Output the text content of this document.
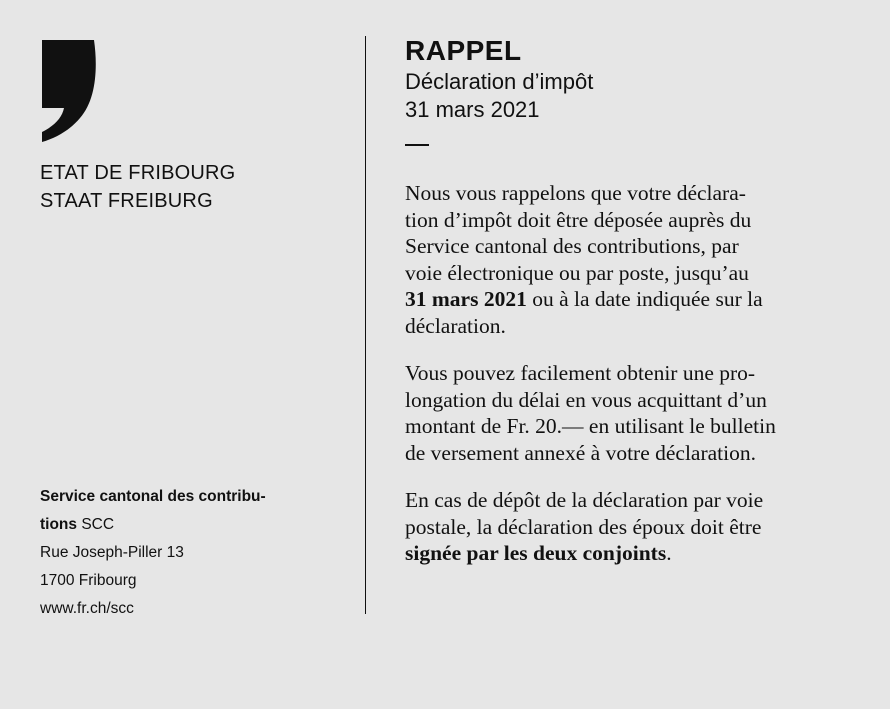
ETAT DE FRIBOURG
STAAT FREIBURG
Service cantonal des contribu-
tions SCC
Rue Joseph-Piller 13
1700 Fribourg
www.fr.ch/scc
RAPPEL
Déclaration d’impôt
31 mars 2021

Nous vous rappelons que votre déclara-
tion d’impôt doit être déposée auprès du
Service cantonal des contributions, par
voie électronique ou par poste, jusqu’au
31 mars 2021 ou à la date indiquée sur la
déclaration.

Vous pouvez facilement obtenir une pro-
longation du délai en vous acquittant d’un
montant de Fr. 20.— en utilisant le bulletin
de versement annexé à votre déclaration.

En cas de dépôt de la déclaration par voie
postale, la déclaration des époux doit être
signée par les deux conjoints.
